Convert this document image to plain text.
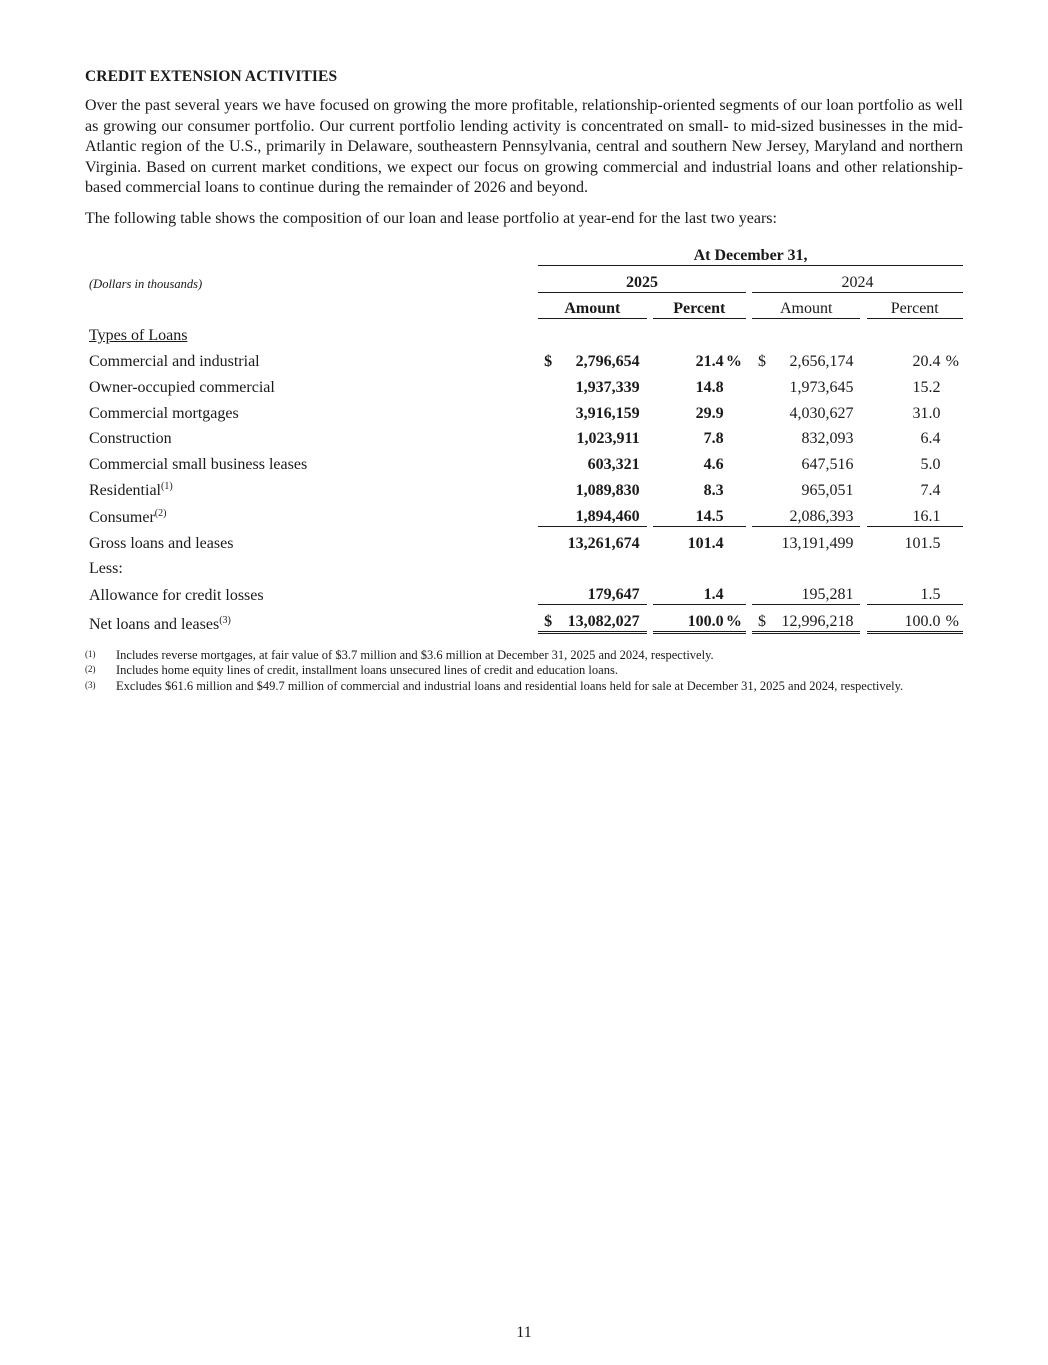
CREDIT EXTENSION ACTIVITIES

Over the past several years we have focused on growing the more profitable, relationship-oriented segments of our loan portfolio as well as growing our consumer portfolio. Our current portfolio lending activity is concentrated on small- to mid-sized businesses in the mid-Atlantic region of the U.S., primarily in Delaware, southeastern Pennsylvania, central and southern New Jersey, Maryland and northern Virginia. Based on current market conditions, we expect our focus on growing commercial and industrial loans and other relationship-based commercial loans to continue during the remainder of 2026 and beyond.

The following table shows the composition of our loan and lease portfolio at year-end for the last two years:

	At December 31,										
(Dollars in thousands)	2025						2024				
	Amount			Percent			Amount			Percent	
Types of Loans											
Commercial and industrial	$	2,796,654		21.4	%		$	2,656,174		20.4	%
Owner-occupied commercial		1,937,339		14.8				1,973,645		15.2	
Commercial mortgages		3,916,159		29.9				4,030,627		31.0	
Construction		1,023,911		7.8				832,093		6.4	
Commercial small business leases		603,321		4.6				647,516		5.0	
Residential$^{(1)}$		1,089,830		8.3				965,051		7.4	
Consumer$^{(2)}$		1,894,460		14.5				2,086,393		16.1	
Gross loans and leases		13,261,674		101.4				13,191,499		101.5	
Less:											
Allowance for credit losses		179,647		1.4				195,281		1.5	
Net loans and leases$^{(3)}$	$	13,082,027		100.0	%		$	12,996,218		100.0	%
(1)	Includes reverse mortgages, at fair value of $3.7 million and $3.6 million at December 31, 2025 and 2024, respectively.
(2)	Includes home equity lines of credit, installment loans unsecured lines of credit and education loans.
(3)	Excludes $61.6 million and $49.7 million of commercial and industrial loans and residential loans held for sale at December 31, 2025 and 2024, respectively.
11
